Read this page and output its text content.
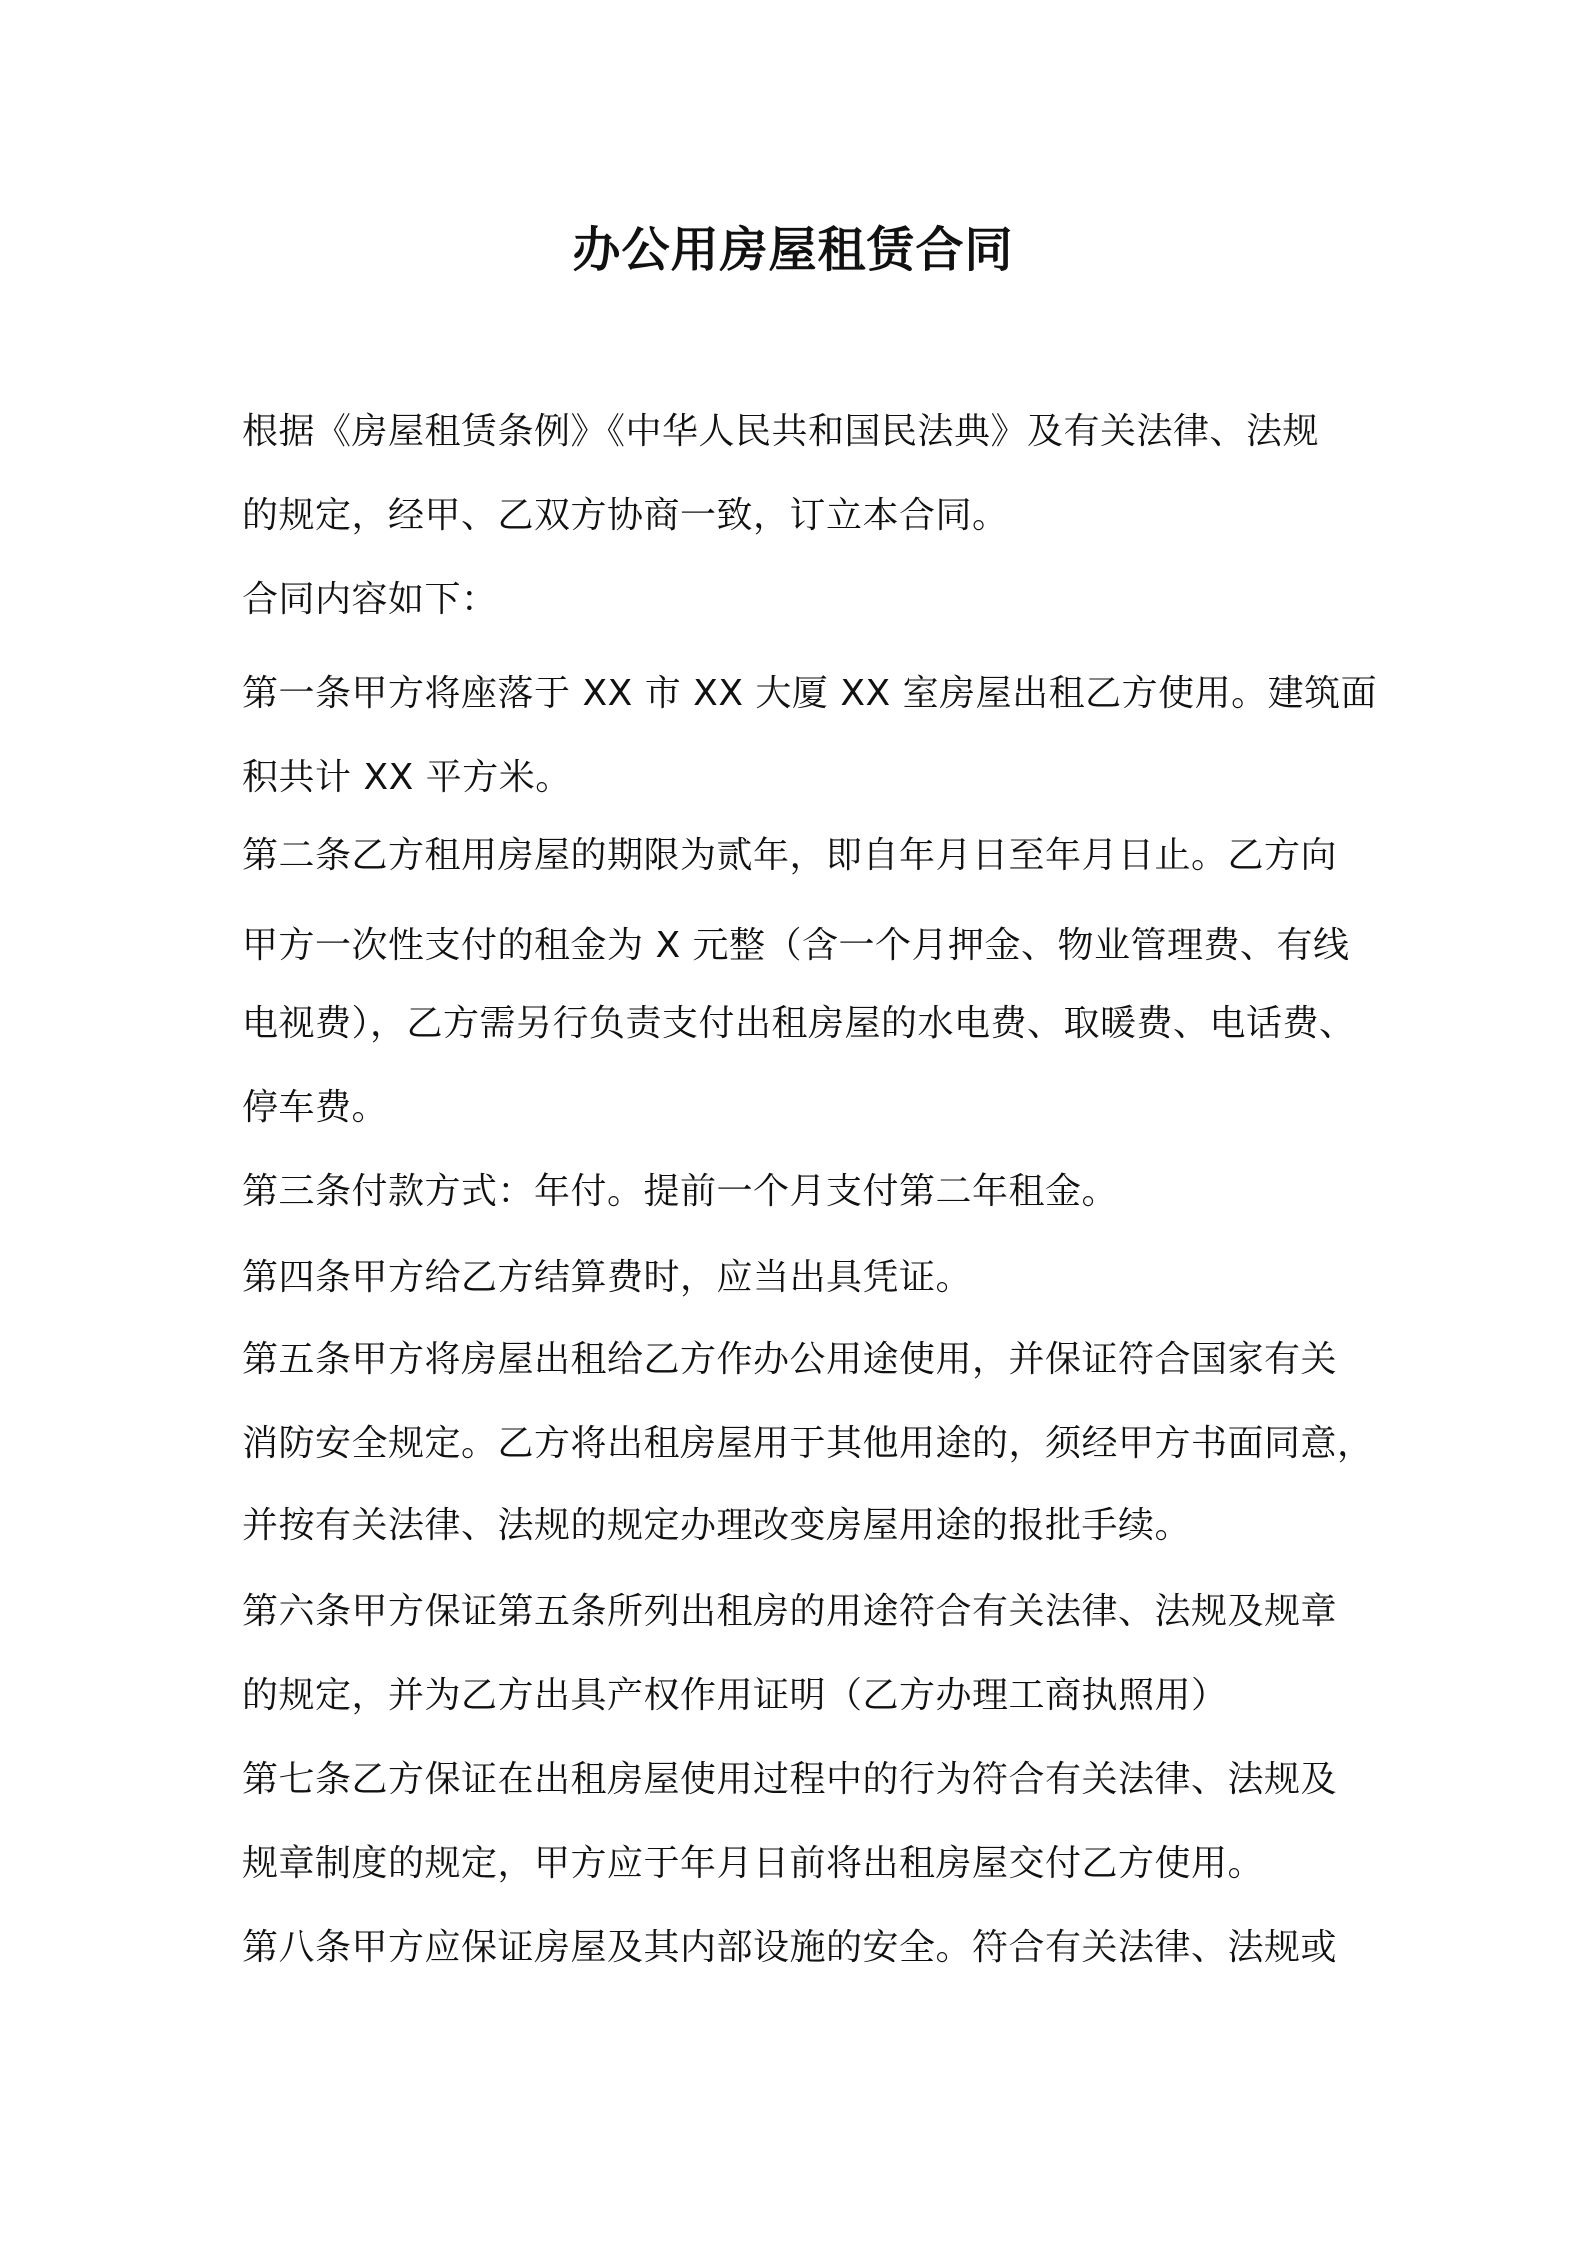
办公用房屋租赁合同

根据《房屋租赁条例》《中华人民共和国民法典》及有关法律、法规

的规定，经甲、乙双方协商一致，订立本合同。

合同内容如下：

第一条甲方将座落于 XX 市 XX 大厦 XX 室房屋出租乙方使用。建筑面

积共计 XX 平方米。

第二条乙方租用房屋的期限为贰年，即自年月日至年月日止。乙方向

甲方一次性支付的租金为 X 元整（含一个月押金、物业管理费、有线

电视费），乙方需另行负责支付出租房屋的水电费、取暖费、电话费、

停车费。

第三条付款方式：年付。提前一个月支付第二年租金。

第四条甲方给乙方结算费时，应当出具凭证。

第五条甲方将房屋出租给乙方作办公用途使用，并保证符合国家有关

消防安全规定。乙方将出租房屋用于其他用途的，须经甲方书面同意，

并按有关法律、法规的规定办理改变房屋用途的报批手续。

第六条甲方保证第五条所列出租房的用途符合有关法律、法规及规章

的规定，并为乙方出具产权作用证明（乙方办理工商执照用）

第七条乙方保证在出租房屋使用过程中的行为符合有关法律、法规及

规章制度的规定，甲方应于年月日前将出租房屋交付乙方使用。

第八条甲方应保证房屋及其内部设施的安全。符合有关法律、法规或
